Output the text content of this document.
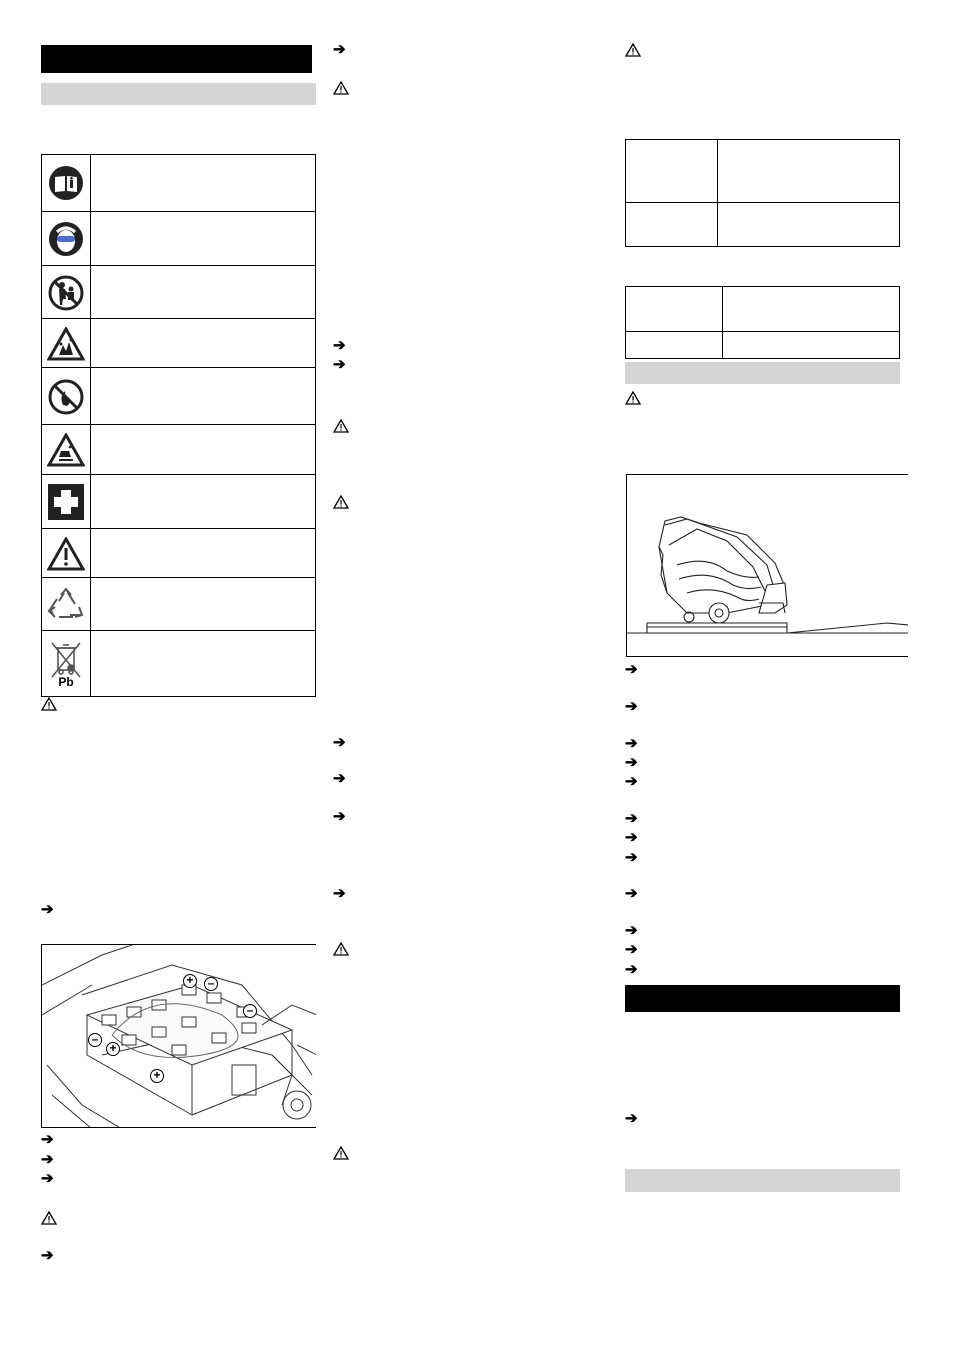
Pb
➔
+	–
–
–
+
+
➔
➔
➔
➔
➔
➔
➔
➔
➔
➔
➔
➔
➔
➔
➔
➔
➔
➔
➔
➔
➔
➔
➔
➔
